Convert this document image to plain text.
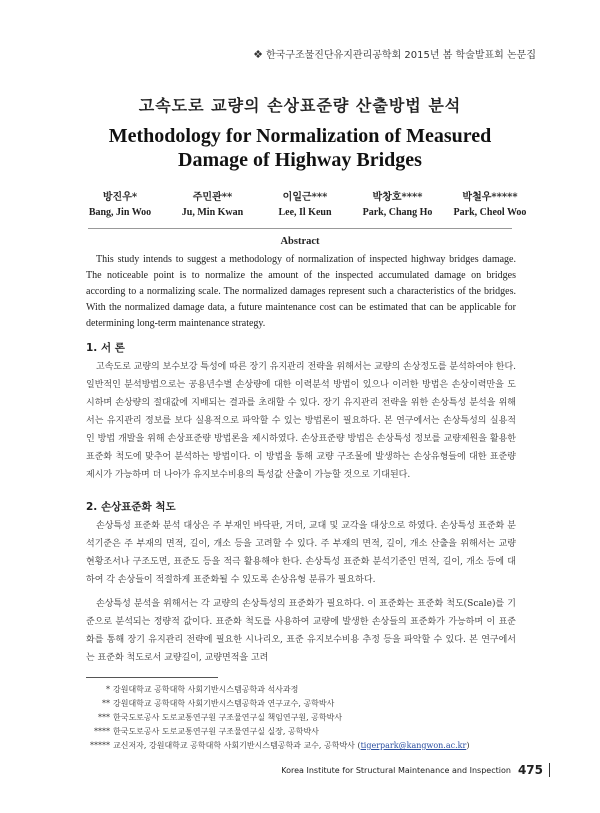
❖ 한국구조물진단유지관리공학회 2015년 봄 학술발표회 논문집
고속도로 교량의 손상표준량 산출방법 분석
Methodology for Normalization of Measured Damage of Highway Bridges
방진우*
Bang, Jin Woo
주민관**
Ju, Min Kwan
이일근***
Lee, Il Keun
박창호****
Park, Chang Ho
박철우*****
Park, Cheol Woo
Abstract

This study intends to suggest a methodology of normalization of inspected highway bridges damage. The noticeable point is to normalize the amount of the inspected accumulated damage on bridges according to a normalizing scale. The normalized damages represent such a characteristics of the bridges. With the normalized damage data, a future maintenance cost can be estimated that can be applicable for determining long-term maintenance strategy.

1. 서 론

고속도로 교량의 보수보강 특성에 따른 장기 유지관리 전략을 위해서는 교량의 손상정도를 분석하여야 한다. 일반적인 분석방법으로는 공용년수별 손상량에 대한 이력분석 방법이 있으나 이러한 방법은 손상이력만을 도시하며 손상량의 절대값에 지배되는 결과를 초래할 수 있다. 장기 유지관리 전략을 위한 손상특성 분석을 위해서는 유지관리 정보를 보다 실용적으로 파악할 수 있는 방법론이 필요하다. 본 연구에서는 손상특성의 실용적인 방법 개발을 위해 손상표준량 방법론을 제시하였다. 손상표준량 방법은 손상특성 정보를 교량제원을 활용한 표준화 척도에 맞추어 분석하는 방법이다. 이 방법을 통해 교량 구조물에 발생하는 손상유형들에 대한 표준량 제시가 가능하며 더 나아가 유지보수비용의 특성값 산출이 가능할 것으로 기대된다.

2. 손상표준화 척도

손상특성 표준화 분석 대상은 주 부재인 바닥판, 거더, 교대 및 교각을 대상으로 하였다. 손상특성 표준화 분석기준은 주 부재의 면적, 길이, 개소 등을 고려할 수 있다. 주 부재의 면적, 길이, 개소 산출을 위해서는 교량 현황조서나 구조도면, 표준도 등을 적극 활용해야 한다. 손상특성 표준화 분석기준인 면적, 길이, 개소 등에 대하여 각 손상들이 적절하게 표준화될 수 있도록 손상유형 분류가 필요하다.

손상특성 분석을 위해서는 각 교량의 손상특성의 표준화가 필요하다. 이 표준화는 표준화 척도(Scale)를 기준으로 분석되는 정량적 값이다. 표준화 척도를 사용하여 교량에 발생한 손상들의 표준화가 가능하며 이 표준화를 통해 장기 유지관리 전략에 필요한 시나리오, 표준 유지보수비용 추정 등을 파악할 수 있다. 본 연구에서는 표준화 척도로서 교량길이, 교량면적을 고려

* 강원대학교 공학대학 사회기반시스템공학과 석사과정
** 강원대학교 공학대학 사회기반시스템공학과 연구교수, 공학박사
*** 한국도로공사 도로교통연구원 구조물연구실 책임연구원, 공학박사
**** 한국도로공사 도로교통연구원 구조물연구실 실장, 공학박사
***** 교신저자, 강원대학교 공학대학 사회기반시스템공학과 교수, 공학박사 (tigerpark@kangwon.ac.kr)
Korea Institute for Structural Maintenance and Inspection 475
